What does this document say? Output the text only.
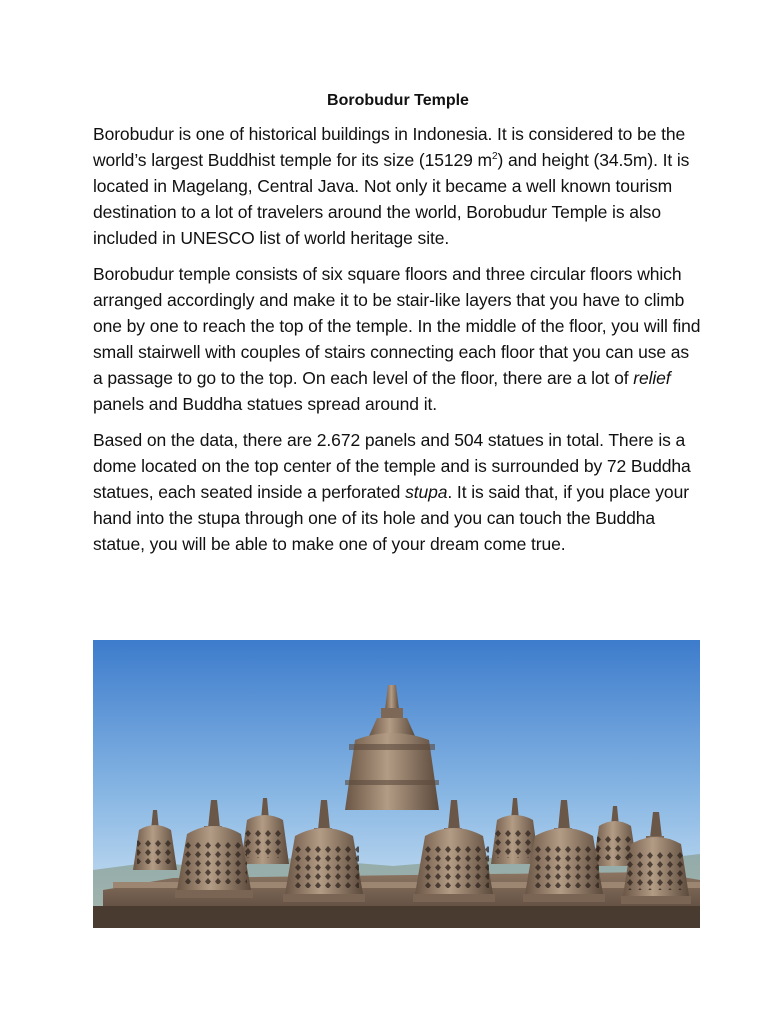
Borobudur Temple

Borobudur is one of historical buildings in Indonesia. It is considered to be the world’s largest Buddhist temple for its size (15129 $m^2$) and height (34.5m). It is located in Magelang, Central Java. Not only it became a well known tourism destination to a lot of travelers around the world, Borobudur Temple is also included in UNESCO list of world heritage site.

Borobudur temple consists of six square floors and three circular floors which arranged accordingly and make it to be stair-like layers that you have to climb one by one to reach the top of the temple. In the middle of the floor, you will find small stairwell with couples of stairs connecting each floor that you can use as a passage to go to the top. On each level of the floor, there are a lot of relief panels and Buddha statues spread around it.

Based on the data, there are 2.672 panels and 504 statues in total. There is a dome located on the top center of the temple and is surrounded by 72 Buddha statues, each seated inside a perforated stupa. It is said that, if you place your hand into the stupa through one of its hole and you can touch the Buddha statue, you will be able to make one of your dream come true.
